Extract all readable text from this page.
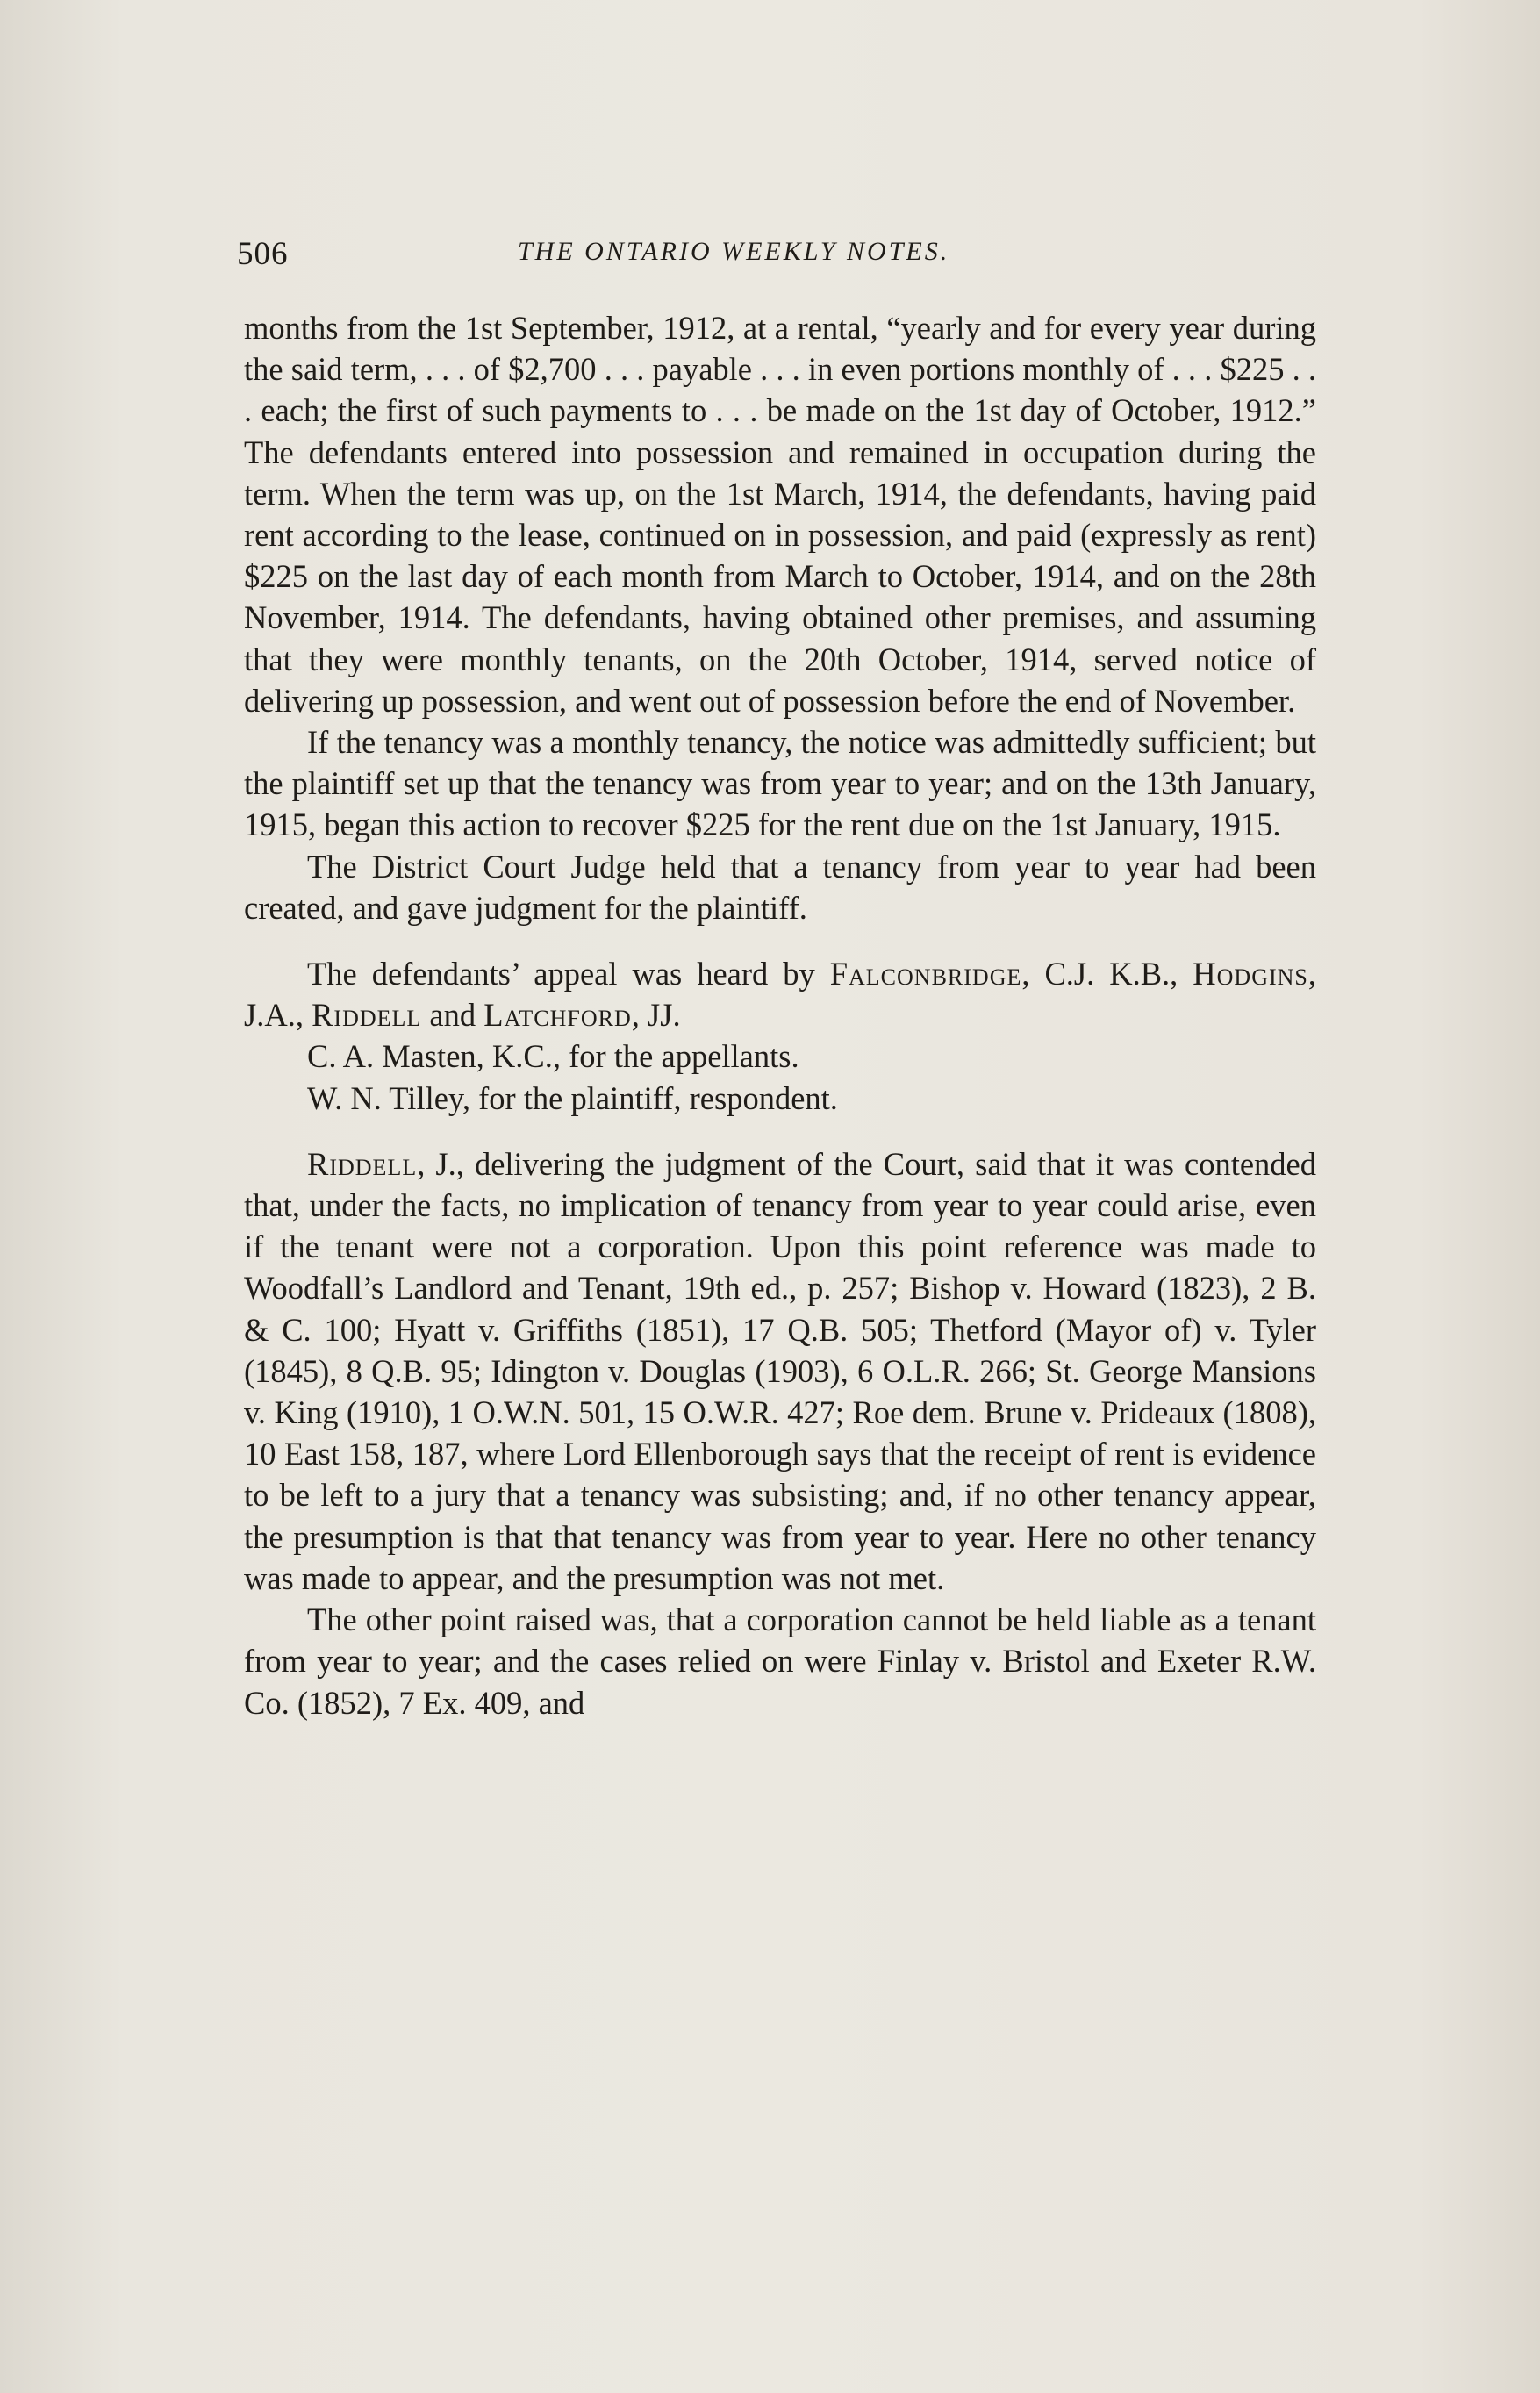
506	THE ONTARIO WEEKLY NOTES.

months from the 1st September, 1912, at a rental, “yearly and for every year during the said term, . . . of $2,700 . . . payable . . . in even portions monthly of . . . $225 . . . each; the first of such payments to . . . be made on the 1st day of October, 1912.” The defendants entered into possession and remained in occupation during the term. When the term was up, on the 1st March, 1914, the defendants, having paid rent according to the lease, continued on in possession, and paid (expressly as rent) $225 on the last day of each month from March to October, 1914, and on the 28th November, 1914. The defendants, having obtained other premises, and assuming that they were monthly tenants, on the 20th October, 1914, served notice of delivering up possession, and went out of possession before the end of November.

If the tenancy was a monthly tenancy, the notice was admittedly sufficient; but the plaintiff set up that the tenancy was from year to year; and on the 13th January, 1915, began this action to recover $225 for the rent due on the 1st January, 1915.

The District Court Judge held that a tenancy from year to year had been created, and gave judgment for the plaintiff.

The defendants’ appeal was heard by Falconbridge, C.J. K.B., Hodgins, J.A., Riddell and Latchford, JJ.

C. A. Masten, K.C., for the appellants.

W. N. Tilley, for the plaintiff, respondent.

Riddell, J., delivering the judgment of the Court, said that it was contended that, under the facts, no implication of tenancy from year to year could arise, even if the tenant were not a corporation. Upon this point reference was made to Woodfall’s Landlord and Tenant, 19th ed., p. 257; Bishop v. Howard (1823), 2 B. & C. 100; Hyatt v. Griffiths (1851), 17 Q.B. 505; Thetford (Mayor of) v. Tyler (1845), 8 Q.B. 95; Idington v. Douglas (1903), 6 O.L.R. 266; St. George Mansions v. King (1910), 1 O.W.N. 501, 15 O.W.R. 427; Roe dem. Brune v. Prideaux (1808), 10 East 158, 187, where Lord Ellenborough says that the receipt of rent is evidence to be left to a jury that a tenancy was subsisting; and, if no other tenancy appear, the presumption is that that tenancy was from year to year. Here no other tenancy was made to appear, and the presumption was not met.

The other point raised was, that a corporation cannot be held liable as a tenant from year to year; and the cases relied on were Finlay v. Bristol and Exeter R.W. Co. (1852), 7 Ex. 409, and
